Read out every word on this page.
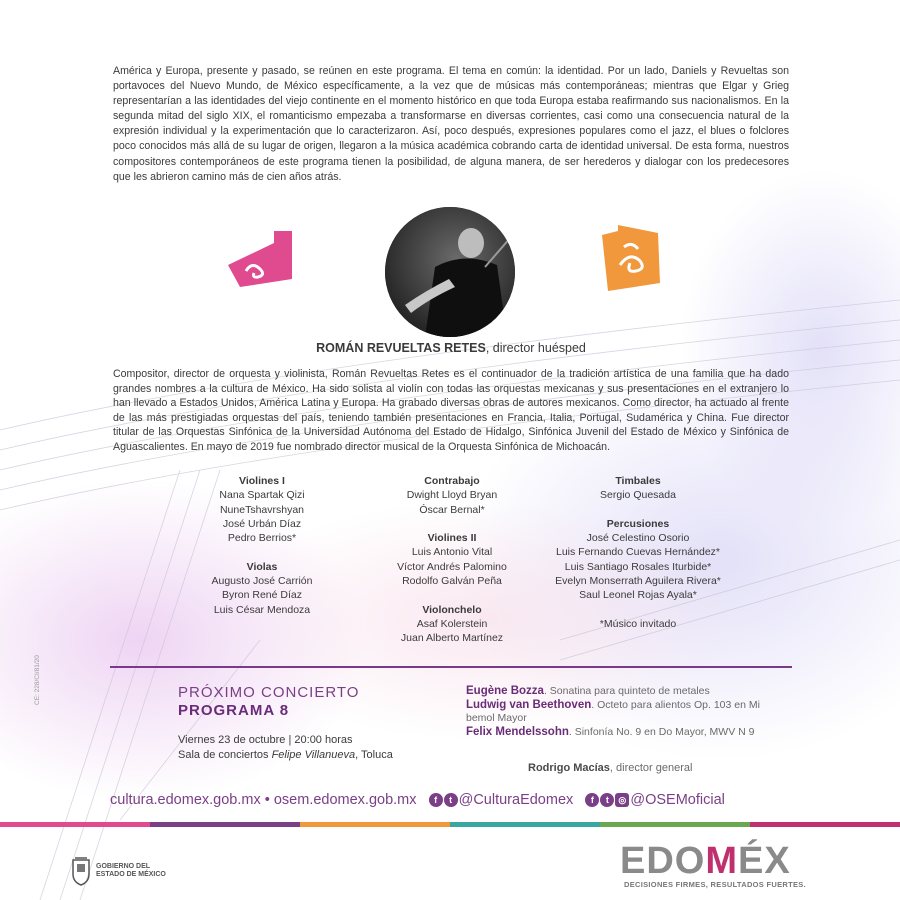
América y Europa, presente y pasado, se reúnen en este programa. El tema en común: la identidad. Por un lado, Daniels y Revueltas son portavoces del Nuevo Mundo, de México específicamente, a la vez que de músicas más contemporáneas; mientras que Elgar y Grieg representarían a las identidades del viejo continente en el momento histórico en que toda Europa estaba reafirmando sus nacionalismos. En la segunda mitad del siglo XIX, el romanticismo empezaba a transformarse en diversas corrientes, casi como una consecuencia natural de la expresión individual y la experimentación que lo caracterizaron. Así, poco después, expresiones populares como el jazz, el blues o folclores poco conocidos más allá de su lugar de origen, llegaron a la música académica cobrando carta de identidad universal. De esta forma, nuestros compositores contemporáneos de este programa tienen la posibilidad, de alguna manera, de ser herederos y dialogar con los predecesores que les abrieron camino más de cien años atrás.
ROMÁN REVUELTAS RETES, director huésped
Compositor, director de orquesta y violinista, Román Revueltas Retes es el continuador de la tradición artística de una familia que ha dado grandes nombres a la cultura de México. Ha sido solista al violín con todas las orquestas mexicanas y sus presentaciones en el extranjero lo han llevado a Estados Unidos, América Latina y Europa. Ha grabado diversas obras de autores mexicanos. Como director, ha actuado al frente de las más prestigiadas orquestas del país, teniendo también presentaciones en Francia, Italia, Portugal, Sudamérica y China. Fue director titular de las Orquestas Sinfónica de la Universidad Autónoma del Estado de Hidalgo, Sinfónica Juvenil del Estado de México y Sinfónica de Aguascalientes. En mayo de 2019 fue nombrado director musical de la Orquesta Sinfónica de Michoacán.
Violines I
Nana Spartak Qizi
NuneTshavrshyan
José Urbán Díaz
Pedro Berrios*
Violas
Augusto José Carrión
Byron René Díaz
Luis César Mendoza
Contrabajo
Dwight Lloyd Bryan
Óscar Bernal*
Violines II
Luis Antonio Vital
Víctor Andrés Palomino
Rodolfo Galván Peña
Violonchelo
Asaf Kolerstein
Juan Alberto Martínez
Timbales
Sergio Quesada
Percusiones
José Celestino Osorio
Luis Fernando Cuevas Hernández*
Luis Santiago Rosales Iturbide*
Evelyn Monserrath Aguilera Rivera*
Saul Leonel Rojas Ayala*
*Músico invitado
PRÓXIMO CONCIERTO
PROGRAMA 8
Viernes 23 de octubre | 20:00 horas
Sala de conciertos Felipe Villanueva, Toluca
Eugène Bozza. Sonatina para quinteto de metales
Ludwig van Beethoven. Octeto para alientos Op. 103 en Mi bemol Mayor
Felix Mendelssohn. Sinfonía No. 9 en Do Mayor, MWV N 9
Rodrigo Macías, director general
CE: 228/CI/81/20
cultura.edomex.gob.mx • osem.edomex.gob.mx f t @CulturaEdomex f t ◎ @OSEMoficial
GOBIERNO DEL
ESTADO DE MÉXICO	EDOMÉX
DECISIONES FIRMES, RESULTADOS FUERTES.
